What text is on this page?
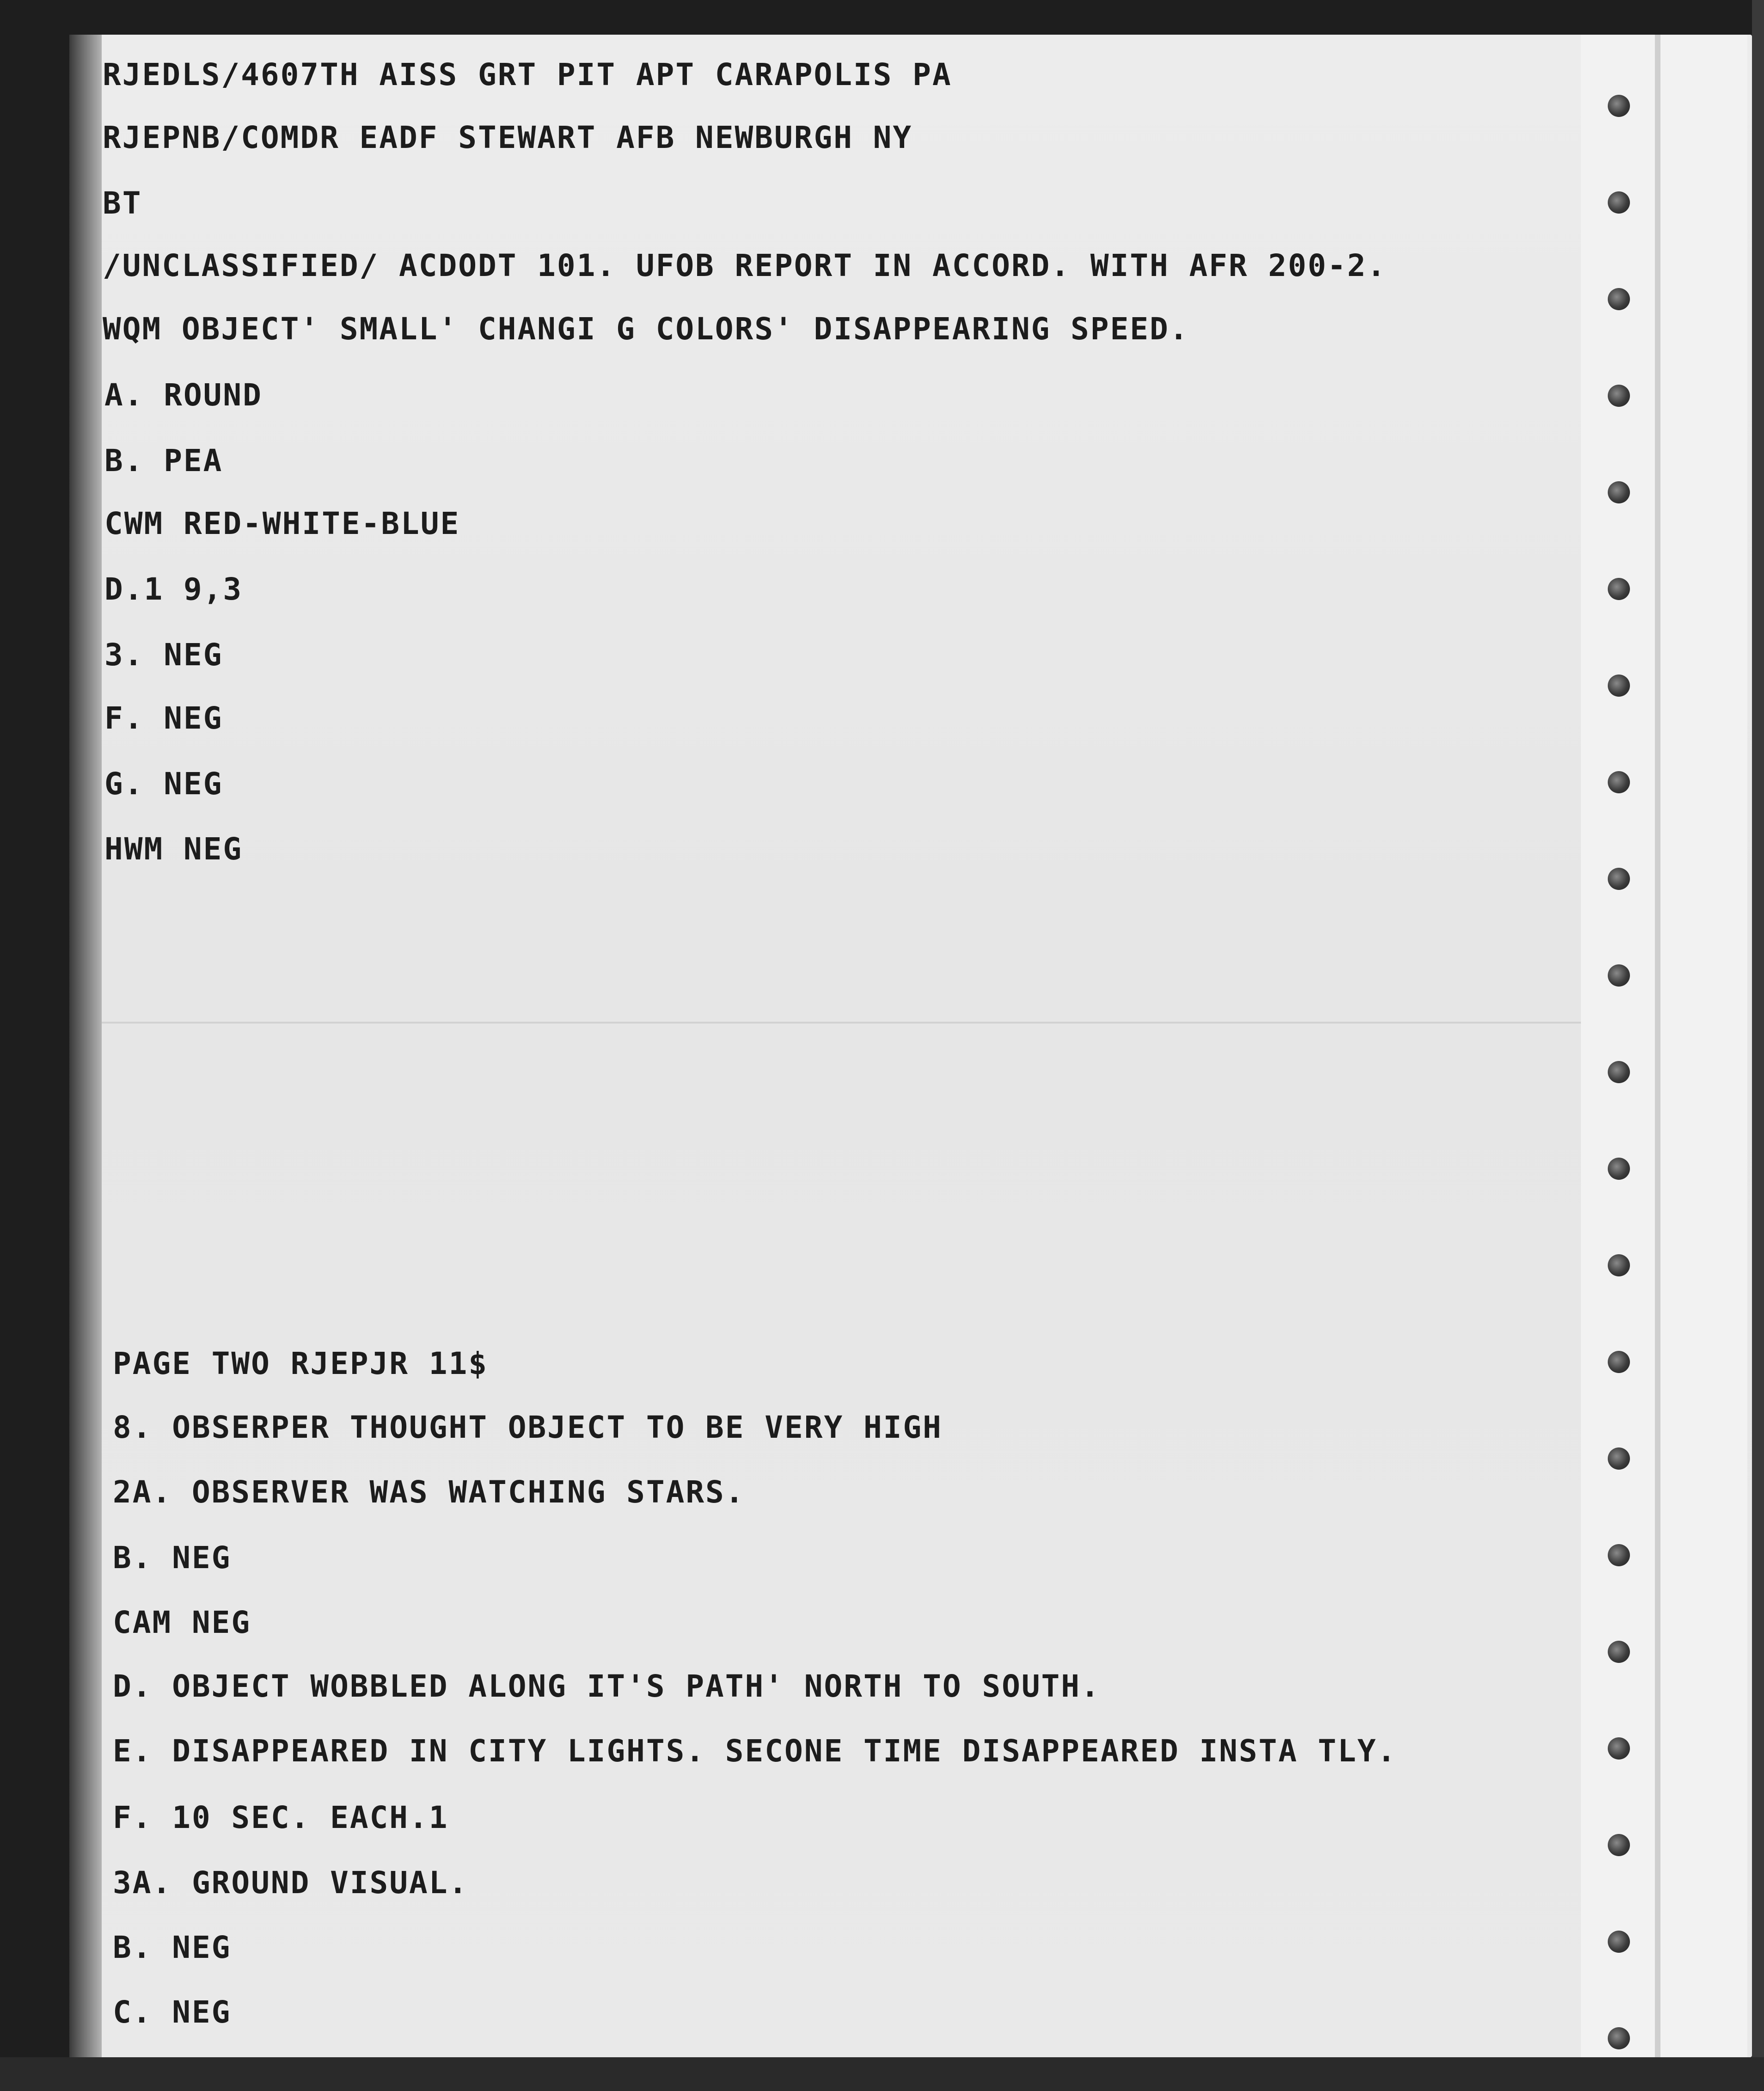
RJEDLS/4607TH AISS GRT PIT APT CARAPOLIS PA

RJEPNB/COMDR EADF STEWART AFB NEWBURGH NY

BT

/UNCLASSIFIED/ ACDODT 101. UFOB REPORT IN ACCORD. WITH AFR 200-2.

WQM OBJECT' SMALL' CHANGI G COLORS' DISAPPEARING SPEED.

A. ROUND

B. PEA

CWM RED-WHITE-BLUE

D.1 9,3

3. NEG

F. NEG

G. NEG

HWM NEG

PAGE TWO RJEPJR 11$

8. OBSERPER THOUGHT OBJECT TO BE VERY HIGH

2A. OBSERVER WAS WATCHING STARS.

B. NEG

CAM NEG

D. OBJECT WOBBLED ALONG IT'S PATH' NORTH TO SOUTH.

E. DISAPPEARED IN CITY LIGHTS. SECONE TIME DISAPPEARED INSTA TLY.

F. 10 SEC. EACH.1

3A. GROUND VISUAL.

B. NEG

C. NEG
